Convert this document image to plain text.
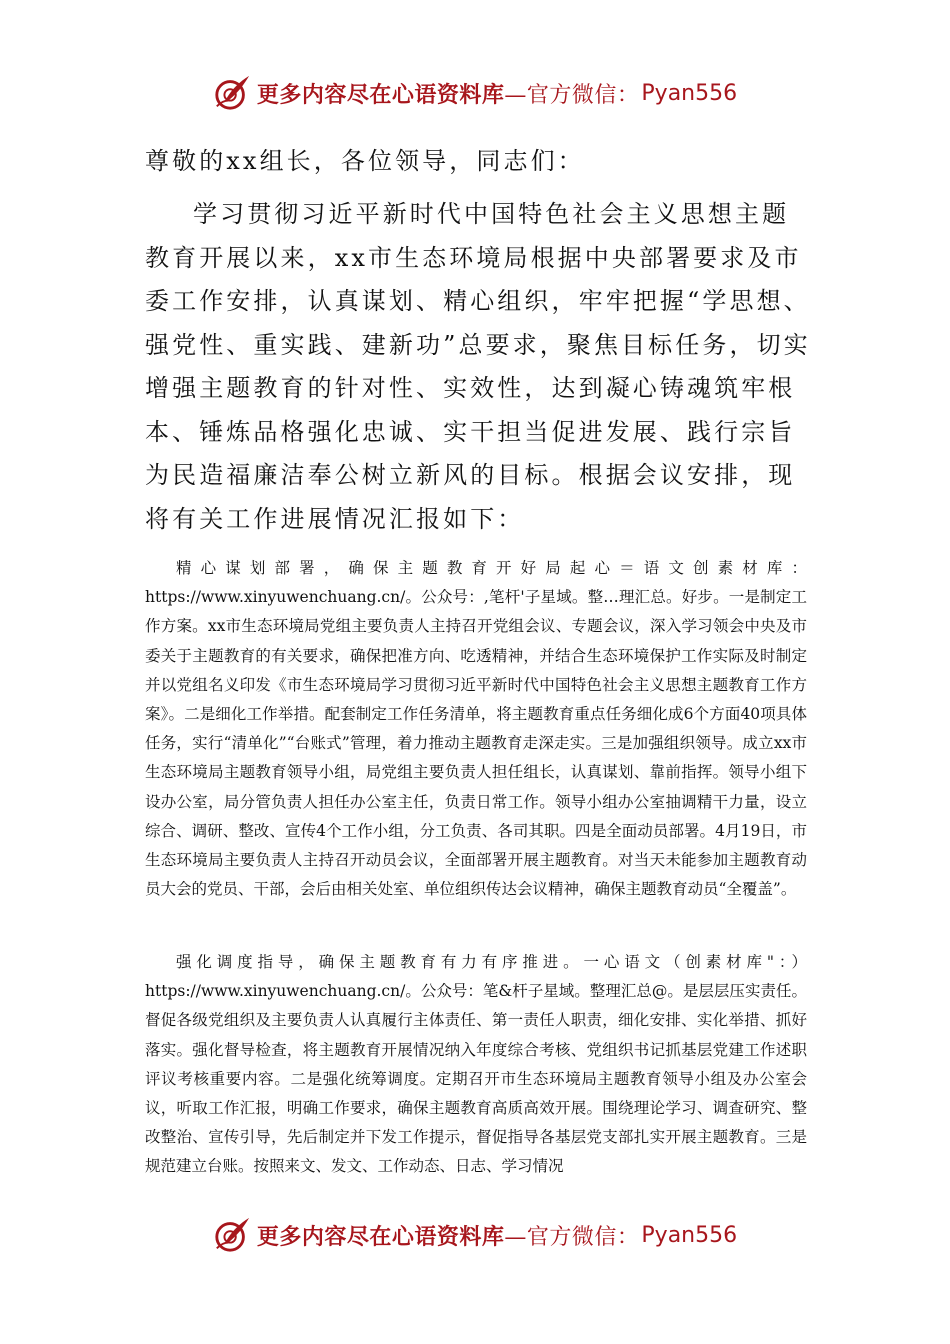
更多内容尽在心语资料库 —官方微信： Pyan556

尊敬的xx组长，各位领导，同志们：

学习贯彻习近平新时代中国特色社会主义思想主题教育开展以来，xx市生态环境局根据中央部署要求及市委工作安排，认真谋划、精心组织，牢牢把握“学思想、强党性、重实践、建新功”总要求，聚焦目标任务，切实增强主题教育的针对性、实效性，达到凝心铸魂筑牢根本、锤炼品格强化忠诚、实干担当促进发展、践行宗旨为民造福廉洁奉公树立新风的目标。根据会议安排，现将有关工作进展情况汇报如下：

精心谋划部署，确保主题教育开好局起心＝语文创素材库：https://www.xinyuwenchuang.cn/。公众号：,笔杆'子星域。整…理汇总。好步。一是制定工作方案。xx市生态环境局党组主要负责人主持召开党组会议、专题会议，深入学习领会中央及市委关于主题教育的有关要求，确保把准方向、吃透精神，并结合生态环境保护工作实际及时制定并以党组名义印发《市生态环境局学习贯彻习近平新时代中国特色社会主义思想主题教育工作方案》。二是细化工作举措。配套制定工作任务清单，将主题教育重点任务细化成6个方面40项具体任务，实行“清单化”“台账式”管理，着力推动主题教育走深走实。三是加强组织领导。成立xx市生态环境局主题教育领导小组，局党组主要负责人担任组长，认真谋划、靠前指挥。领导小组下设办公室，局分管负责人担任办公室主任，负责日常工作。领导小组办公室抽调精干力量，设立综合、调研、整改、宣传4个工作小组，分工负责、各司其职。四是全面动员部署。4月19日，市生态环境局主要负责人主持召开动员会议，全面部署开展主题教育。对当天未能参加主题教育动员大会的党员、干部，会后由相关处室、单位组织传达会议精神，确保主题教育动员“全覆盖”。

强化调度指导，确保主题教育有力有序推进。一心语文（创素材库"：）https://www.xinyuwenchuang.cn/。公众号：笔&杆子星域。整理汇总@。是层层压实责任。督促各级党组织及主要负责人认真履行主体责任、第一责任人职责，细化安排、实化举措、抓好落实。强化督导检查，将主题教育开展情况纳入年度综合考核、党组织书记抓基层党建工作述职评议考核重要内容。二是强化统筹调度。定期召开市生态环境局主题教育领导小组及办公室会议，听取工作汇报，明确工作要求，确保主题教育高质高效开展。围绕理论学习、调查研究、整改整治、宣传引导，先后制定并下发工作提示，督促指导各基层党支部扎实开展主题教育。三是规范建立台账。按照来文、发文、工作动态、日志、学习情况

更多内容尽在心语资料库 —官方微信： Pyan556
